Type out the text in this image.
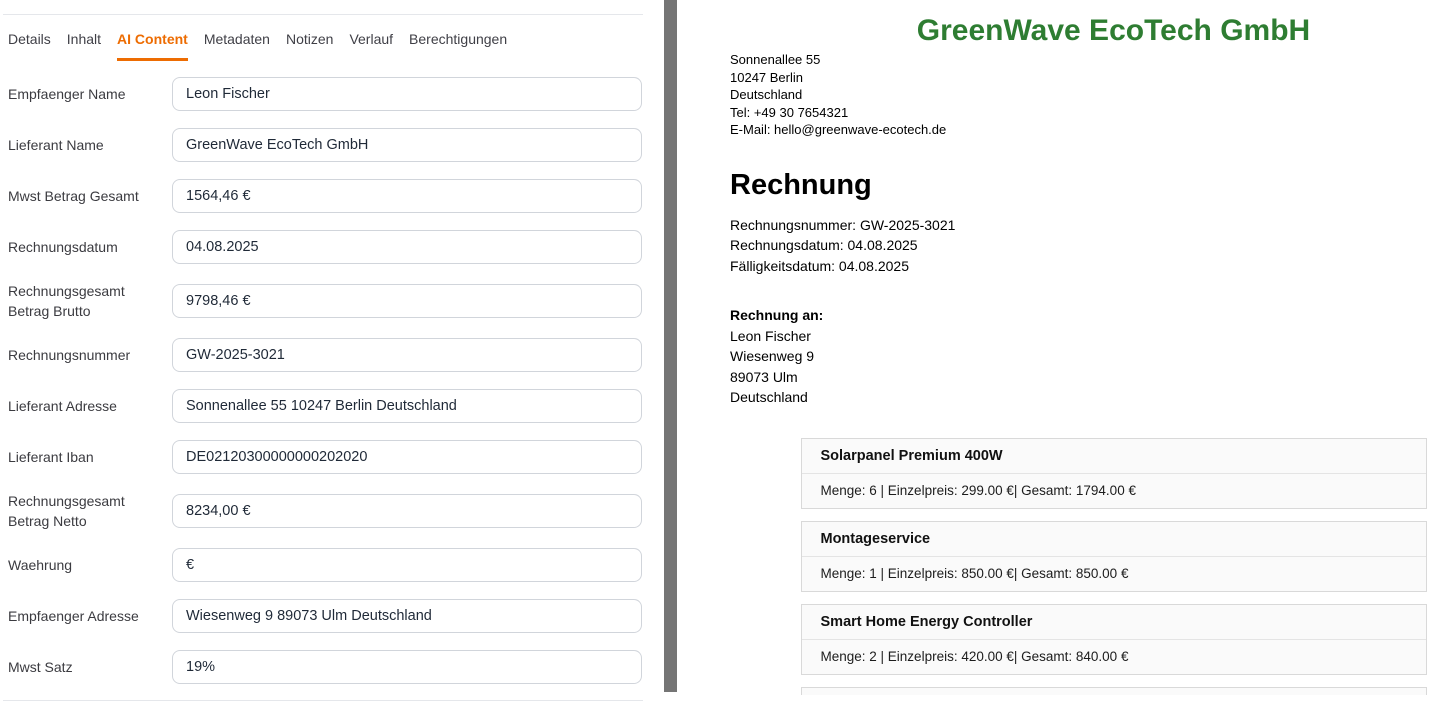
Details Inhalt AI Content Metadaten Notizen Verlauf Berechtigungen
Empfaenger Name
Leon Fischer
Lieferant Name
GreenWave EcoTech GmbH
Mwst Betrag Gesamt
1564,46 €
Rechnungsdatum
04.08.2025
Rechnungsgesamt Betrag Brutto
9798,46 €
Rechnungsnummer
GW-2025-3021
Lieferant Adresse
Sonnenallee 55 10247 Berlin Deutschland
Lieferant Iban
DE02120300000000202020
Rechnungsgesamt Betrag Netto
8234,00 €
Waehrung
€
Empfaenger Adresse
Wiesenweg 9 89073 Ulm Deutschland
Mwst Satz
19%
GreenWave EcoTech GmbH
Sonnenallee 55
10247 Berlin
Deutschland
Tel: +49 30 7654321
E-Mail: hello@greenwave-ecotech.de
Rechnung
Rechnungsnummer: GW-2025-3021
Rechnungsdatum: 04.08.2025
Fälligkeitsdatum: 04.08.2025
Rechnung an:
Leon Fischer
Wiesenweg 9
89073 Ulm
Deutschland
Solarpanel Premium 400W
Menge: 6 | Einzelpreis: 299.00 €| Gesamt: 1794.00 €
Montageservice
Menge: 1 | Einzelpreis: 850.00 €| Gesamt: 850.00 €
Smart Home Energy Controller
Menge: 2 | Einzelpreis: 420.00 €| Gesamt: 840.00 €
